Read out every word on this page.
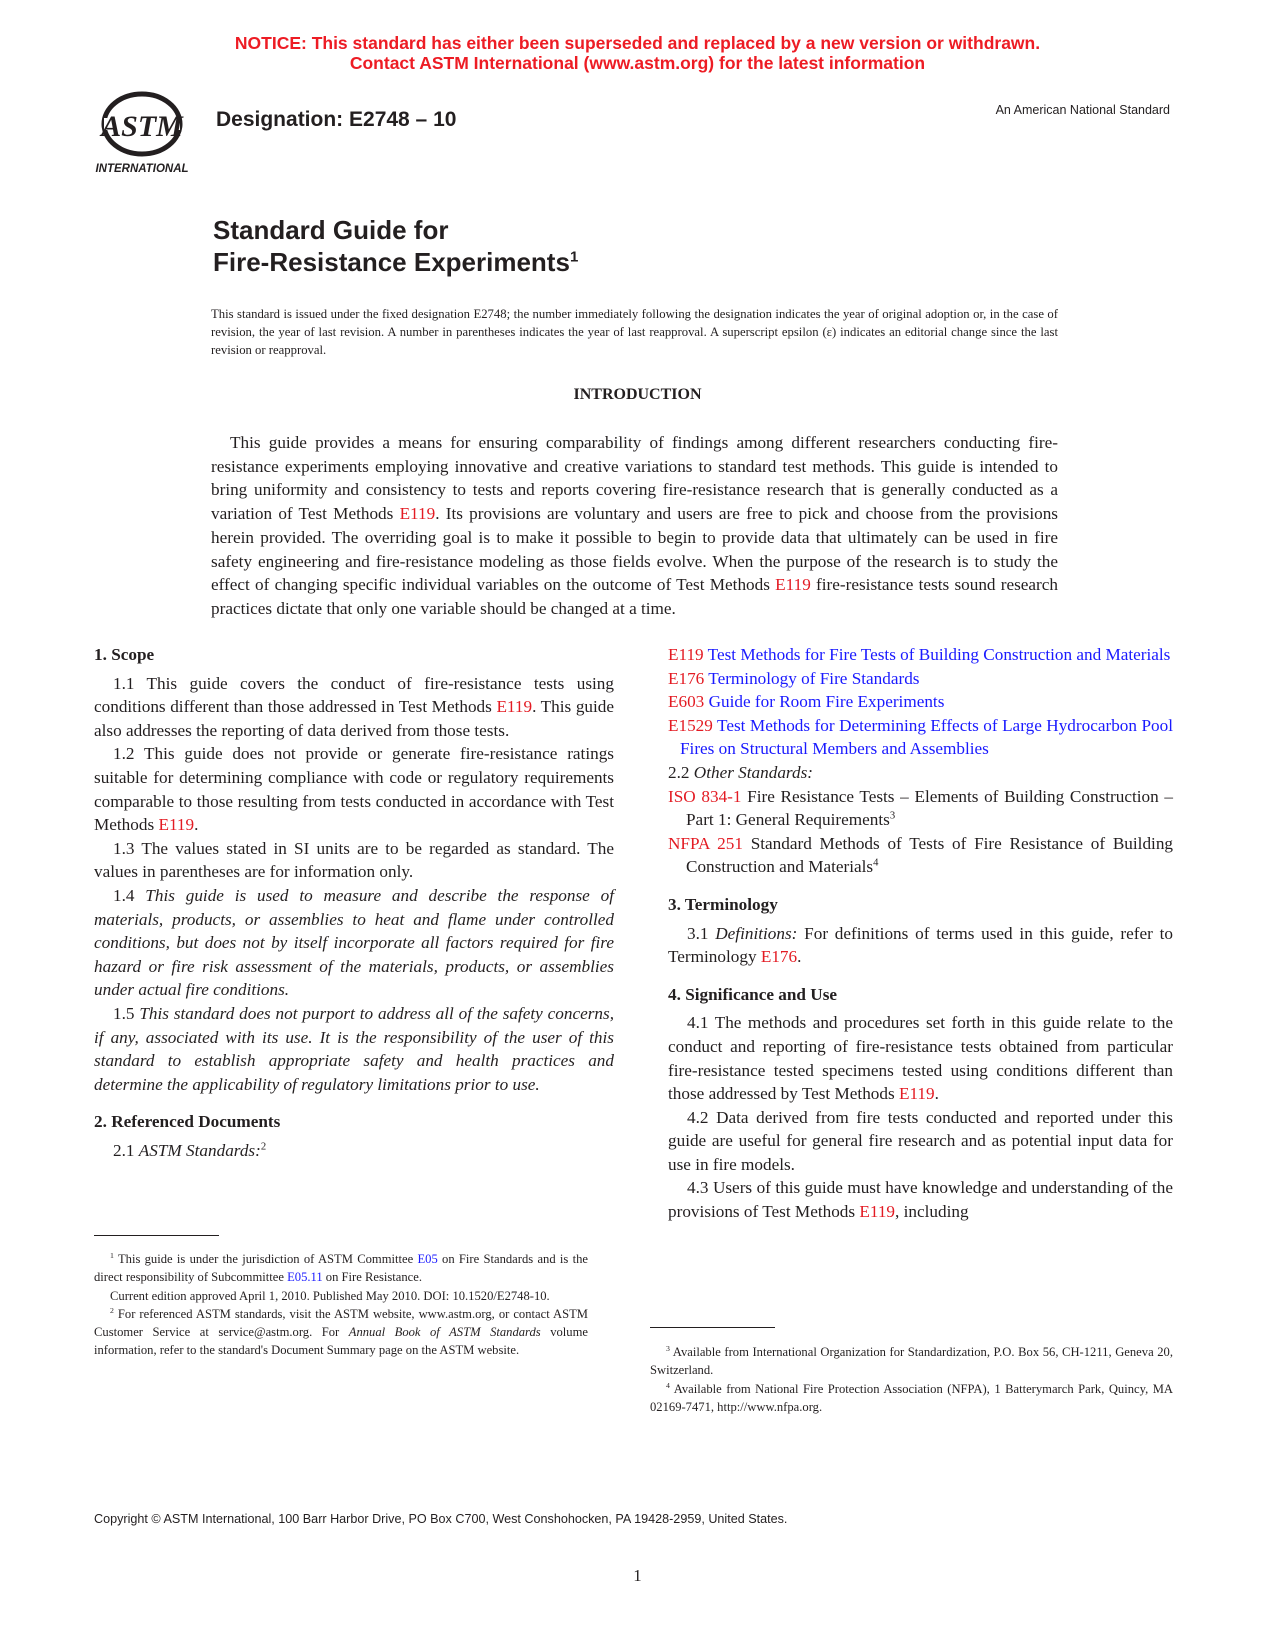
NOTICE: This standard has either been superseded and replaced by a new version or withdrawn.
Contact ASTM International (www.astm.org) for the latest information
ASTM
INTERNATIONAL
Designation: E2748 – 10	An American National Standard
Standard Guide for
Fire-Resistance Experiments$^1$
This standard is issued under the fixed designation E2748; the number immediately following the designation indicates the year of original adoption or, in the case of revision, the year of last revision. A number in parentheses indicates the year of last reapproval. A superscript epsilon (ε) indicates an editorial change since the last revision or reapproval.
INTRODUCTION

This guide provides a means for ensuring comparability of findings among different researchers conducting fire-resistance experiments employing innovative and creative variations to standard test methods. This guide is intended to bring uniformity and consistency to tests and reports covering fire-resistance research that is generally conducted as a variation of Test Methods E119. Its provisions are voluntary and users are free to pick and choose from the provisions herein provided. The overriding goal is to make it possible to begin to provide data that ultimately can be used in fire safety engineering and fire-resistance modeling as those fields evolve. When the purpose of the research is to study the effect of changing specific individual variables on the outcome of Test Methods E119 fire-resistance tests sound research practices dictate that only one variable should be changed at a time.

1. Scope

1.1 This guide covers the conduct of fire-resistance tests using conditions different than those addressed in Test Methods E119. This guide also addresses the reporting of data derived from those tests.

1.2 This guide does not provide or generate fire-resistance ratings suitable for determining compliance with code or regulatory requirements comparable to those resulting from tests conducted in accordance with Test Methods E119.

1.3 The values stated in SI units are to be regarded as standard. The values in parentheses are for information only.

1.4 This guide is used to measure and describe the response of materials, products, or assemblies to heat and flame under controlled conditions, but does not by itself incorporate all factors required for fire hazard or fire risk assessment of the materials, products, or assemblies under actual fire conditions.

1.5 This standard does not purport to address all of the safety concerns, if any, associated with its use. It is the responsibility of the user of this standard to establish appropriate safety and health practices and determine the applicability of regulatory limitations prior to use.

2. Referenced Documents

2.1 ASTM Standards:$^2$

$^1$ This guide is under the jurisdiction of ASTM Committee E05 on Fire Standards and is the direct responsibility of Subcommittee E05.11 on Fire Resistance.

Current edition approved April 1, 2010. Published May 2010. DOI: 10.1520/E2748-10.

$^2$ For referenced ASTM standards, visit the ASTM website, www.astm.org, or contact ASTM Customer Service at service@astm.org. For Annual Book of ASTM Standards volume information, refer to the standard's Document Summary page on the ASTM website.

E119 Test Methods for Fire Tests of Building Construction and Materials

E176 Terminology of Fire Standards

E603 Guide for Room Fire Experiments

E1529 Test Methods for Determining Effects of Large Hydrocarbon Pool Fires on Structural Members and Assemblies

2.2 Other Standards:

ISO 834-1 Fire Resistance Tests – Elements of Building Construction – Part 1: General Requirements$^3$

NFPA 251 Standard Methods of Tests of Fire Resistance of Building Construction and Materials$^4$

3. Terminology

3.1 Definitions: For definitions of terms used in this guide, refer to Terminology E176.

4. Significance and Use

4.1 The methods and procedures set forth in this guide relate to the conduct and reporting of fire-resistance tests obtained from particular fire-resistance tested specimens tested using conditions different than those addressed by Test Methods E119.

4.2 Data derived from fire tests conducted and reported under this guide are useful for general fire research and as potential input data for use in fire models.

4.3 Users of this guide must have knowledge and understanding of the provisions of Test Methods E119, including

$^3$ Available from International Organization for Standardization, P.O. Box 56, CH-1211, Geneva 20, Switzerland.

$^4$ Available from National Fire Protection Association (NFPA), 1 Batterymarch Park, Quincy, MA 02169-7471, http://www.nfpa.org.

Copyright © ASTM International, 100 Barr Harbor Drive, PO Box C700, West Conshohocken, PA 19428-2959, United States.
1
